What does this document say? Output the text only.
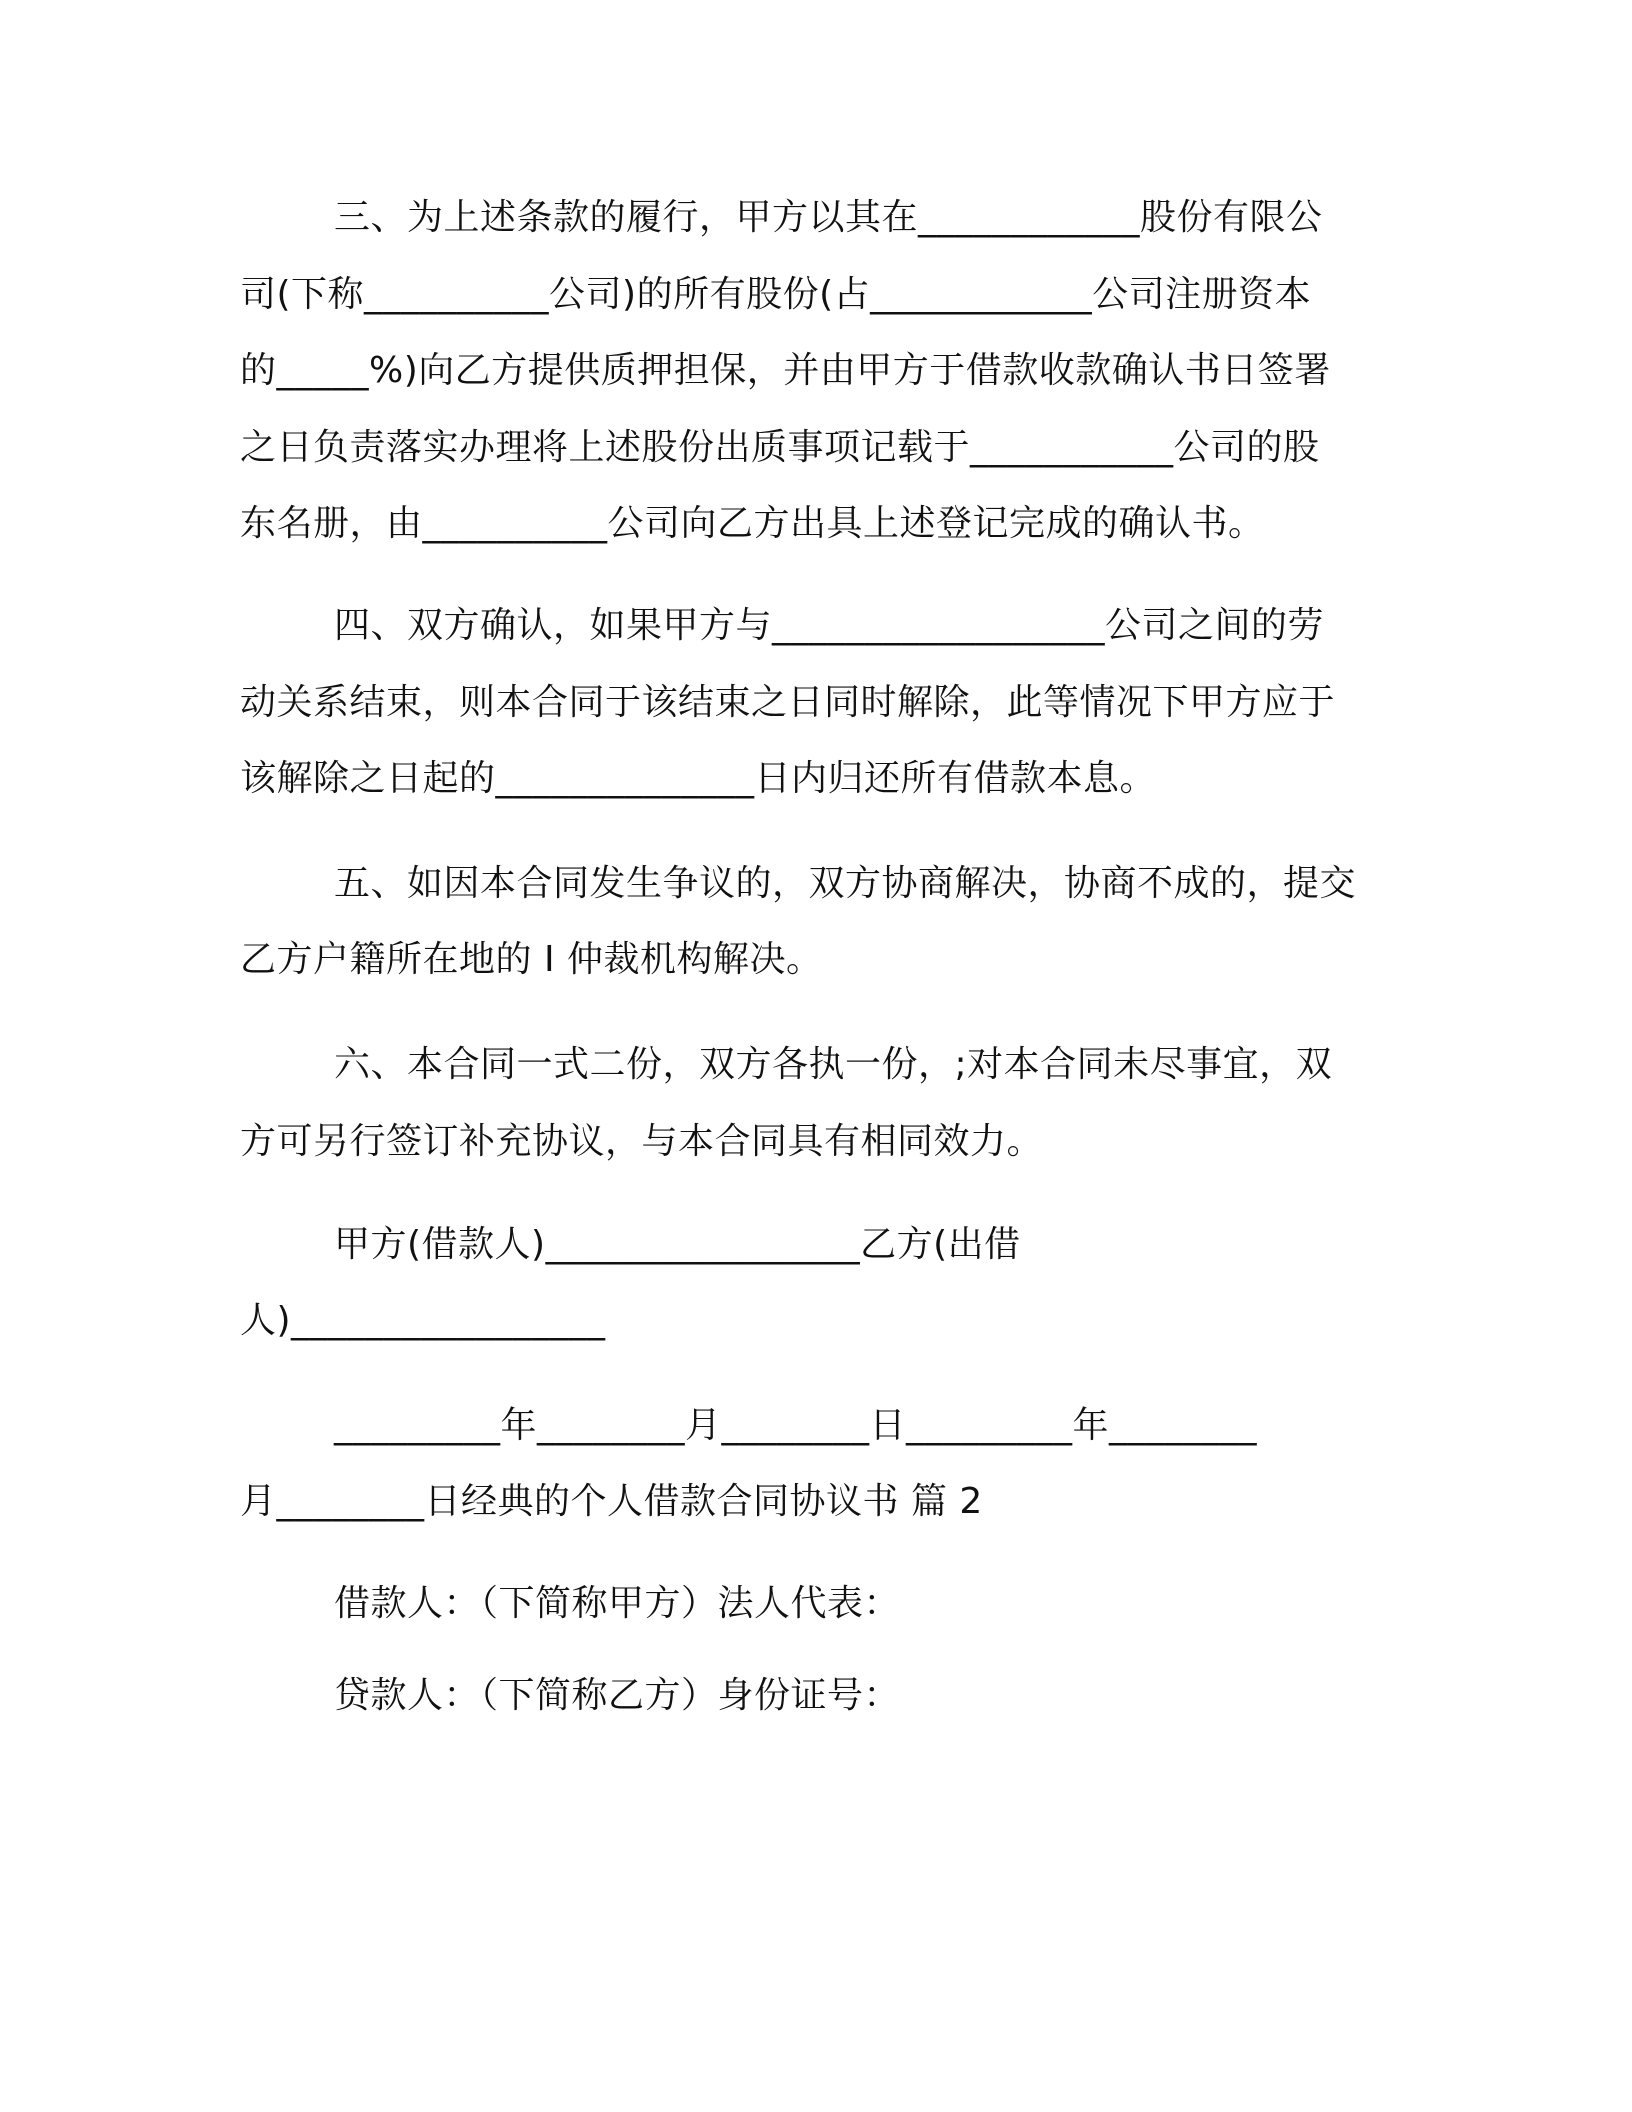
三、为上述条款的履行，甲方以其在____________股份有限公
司(下称__________公司)的所有股份(占____________公司注册资本
的_____%)向乙方提供质押担保，并由甲方于借款收款确认书日签署
之日负责落实办理将上述股份出质事项记载于___________公司的股
东名册，由__________公司向乙方出具上述登记完成的确认书。
四、双方确认，如果甲方与__________________公司之间的劳
动关系结束，则本合同于该结束之日同时解除，此等情况下甲方应于
该解除之日起的______________日内归还所有借款本息。
五、如因本合同发生争议的，双方协商解决，协商不成的，提交
乙方户籍所在地的 I 仲裁机构解决。
六、本合同一式二份，双方各执一份，;对本合同未尽事宜，双
方可另行签订补充协议，与本合同具有相同效力。
甲方(借款人)_________________乙方(出借
人)_________________
_________年________月________日_________年________
月________日经典的个人借款合同协议书 篇 2
借款人：（下简称甲方）法人代表：
贷款人：（下简称乙方）身份证号：
